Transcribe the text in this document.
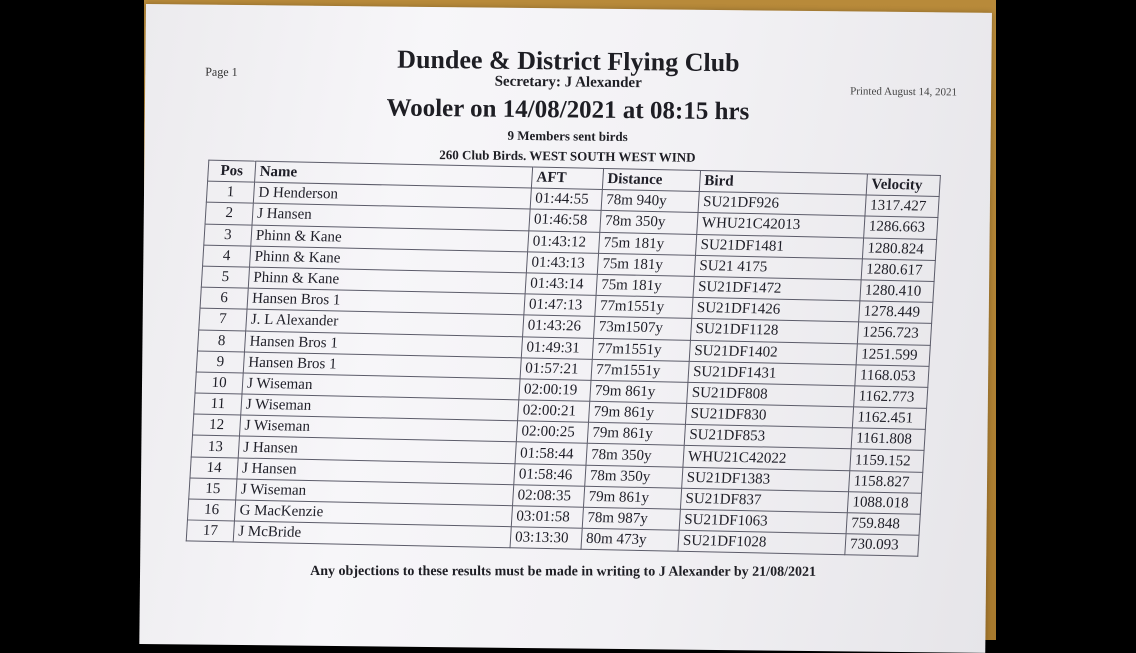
Page 1
Printed August 14, 2021
Dundee & District Flying Club
Secretary: J Alexander
Wooler on 14/08/2021 at 08:15 hrs
9 Members sent birds
260 Club Birds. WEST SOUTH WEST WIND
Pos	Name	AFT	Distance	Bird	Velocity
1	D Henderson	01:44:55	78m 940y	SU21DF926	1317.427
2	J Hansen	01:46:58	78m 350y	WHU21C42013	1286.663
3	Phinn & Kane	01:43:12	75m 181y	SU21DF1481	1280.824
4	Phinn & Kane	01:43:13	75m 181y	SU21 4175	1280.617
5	Phinn & Kane	01:43:14	75m 181y	SU21DF1472	1280.410
6	Hansen Bros 1	01:47:13	77m1551y	SU21DF1426	1278.449
7	J. L Alexander	01:43:26	73m1507y	SU21DF1128	1256.723
8	Hansen Bros 1	01:49:31	77m1551y	SU21DF1402	1251.599
9	Hansen Bros 1	01:57:21	77m1551y	SU21DF1431	1168.053
10	J Wiseman	02:00:19	79m 861y	SU21DF808	1162.773
11	J Wiseman	02:00:21	79m 861y	SU21DF830	1162.451
12	J Wiseman	02:00:25	79m 861y	SU21DF853	1161.808
13	J Hansen	01:58:44	78m 350y	WHU21C42022	1159.152
14	J Hansen	01:58:46	78m 350y	SU21DF1383	1158.827
15	J Wiseman	02:08:35	79m 861y	SU21DF837	1088.018
16	G MacKenzie	03:01:58	78m 987y	SU21DF1063	759.848
17	J McBride	03:13:30	80m 473y	SU21DF1028	730.093
Any objections to these results must be made in writing to J Alexander by 21/08/2021
